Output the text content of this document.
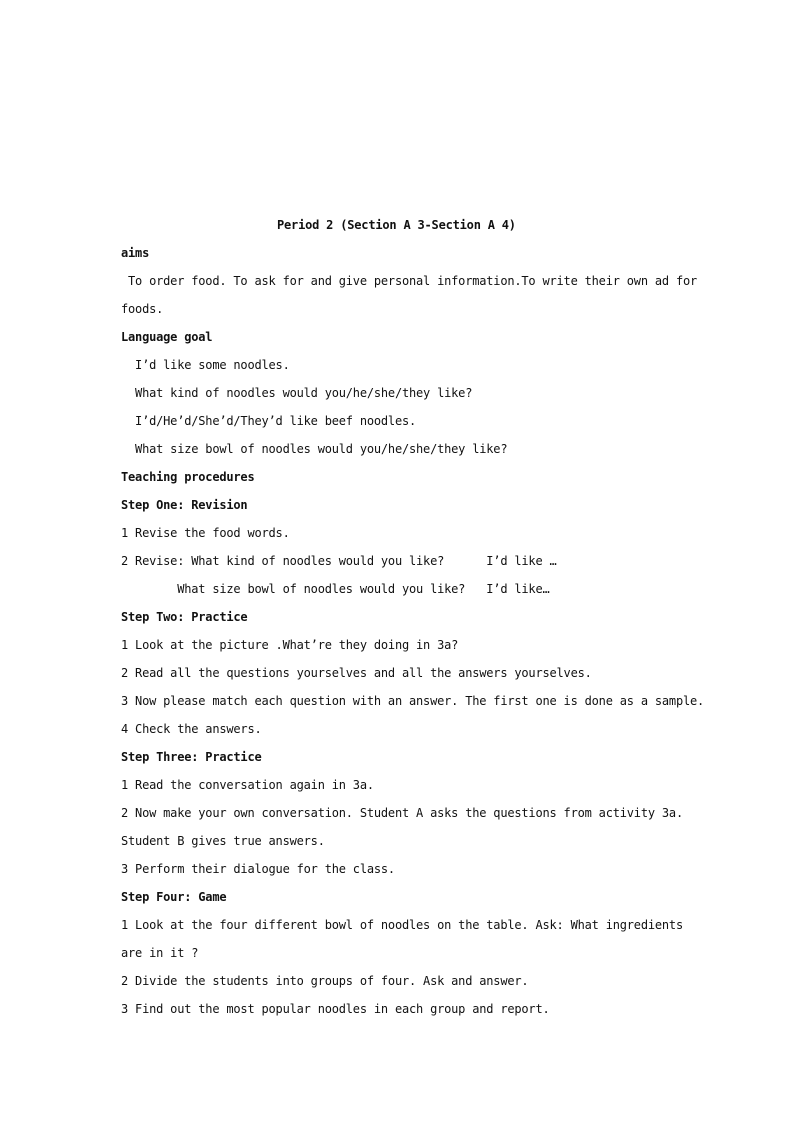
Period 2 (Section A 3-Section A 4)
aims
To order food. To ask for and give personal information.To write their own ad for
foods.
Language goal
I’d like some noodles.
What kind of noodles would you/he/she/they like?
I’d/He’d/She’d/They’d like beef noodles.
What size bowl of noodles would you/he/she/they like?
Teaching procedures
Step One: Revision
1 Revise the food words.
2 Revise: What kind of noodles would you like?      I’d like …
What size bowl of noodles would you like?   I’d like…
Step Two: Practice
1 Look at the picture .What’re they doing in 3a?
2 Read all the questions yourselves and all the answers yourselves.
3 Now please match each question with an answer. The first one is done as a sample.
4 Check the answers.
Step Three: Practice
1 Read the conversation again in 3a.
2 Now make your own conversation. Student A asks the questions from activity 3a.
Student B gives true answers.
3 Perform their dialogue for the class.
Step Four: Game
1 Look at the four different bowl of noodles on the table. Ask: What ingredients
are in it ?
2 Divide the students into groups of four. Ask and answer.
3 Find out the most popular noodles in each group and report.
